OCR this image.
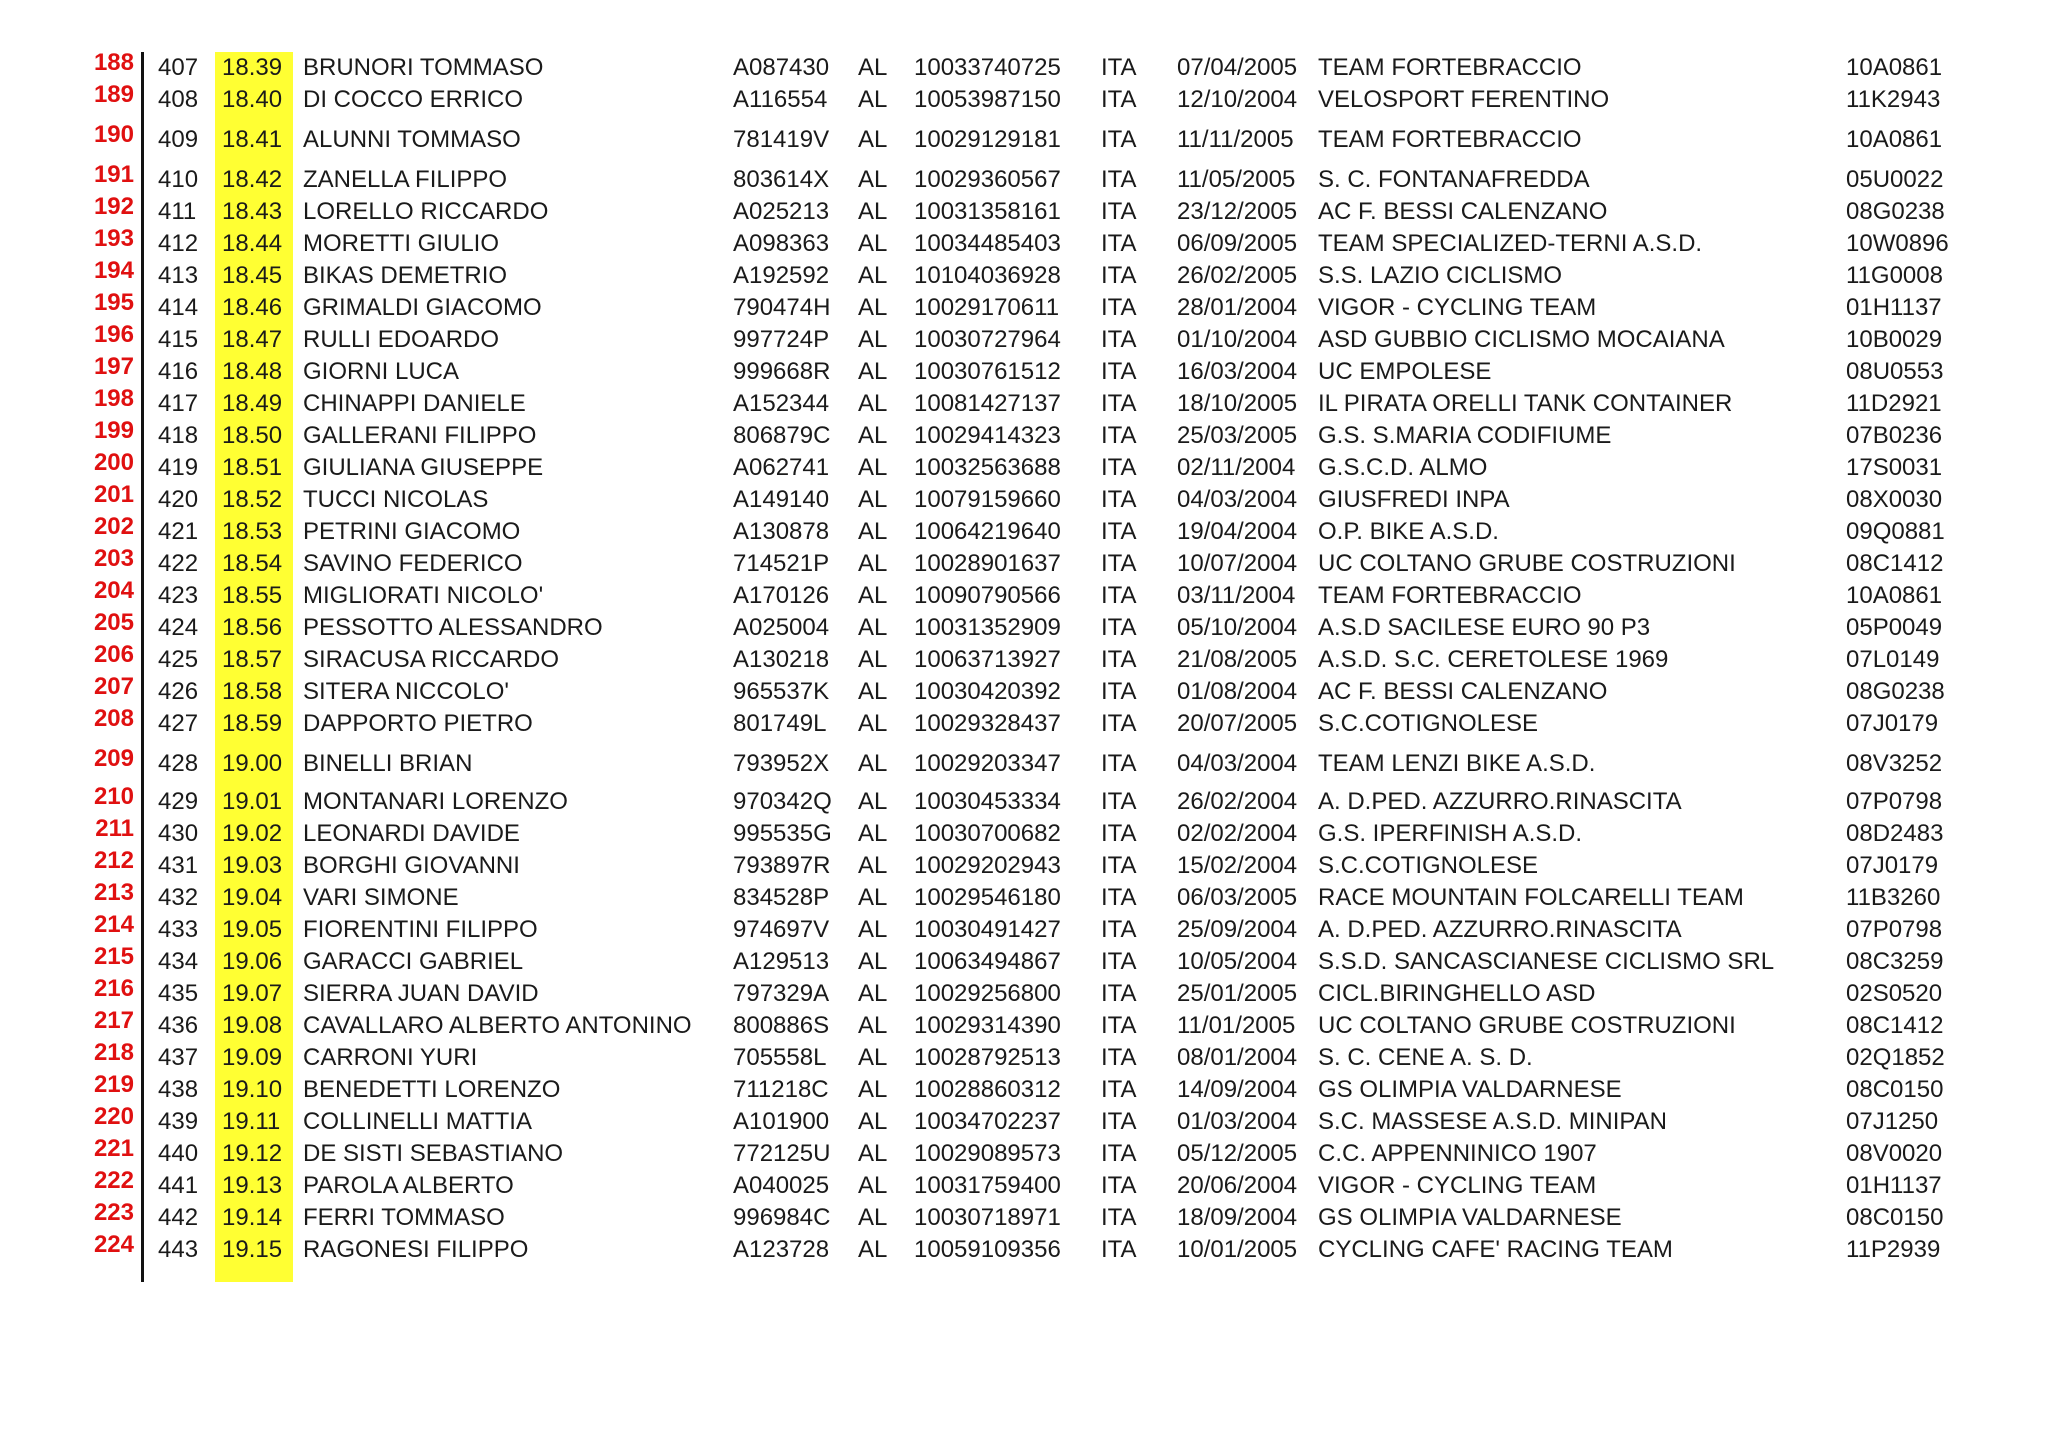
188 407 18.39 BRUNORI TOMMASO	A087430 AL 10033740725 ITA 07/04/2005 TEAM FORTEBRACCIO	10A0861
189 408 18.40 DI COCCO ERRICO	A116554 AL 10053987150 ITA 12/10/2004 VELOSPORT FERENTINO	11K2943
190 409 18.41 ALUNNI TOMMASO	781419V AL 10029129181 ITA 11/11/2005 TEAM FORTEBRACCIO	10A0861
191 410 18.42 ZANELLA FILIPPO	803614X AL 10029360567 ITA 11/05/2005 S. C. FONTANAFREDDA	05U0022
192 411 18.43 LORELLO RICCARDO	A025213 AL 10031358161 ITA 23/12/2005 AC F. BESSI CALENZANO	08G0238
193 412 18.44 MORETTI GIULIO	A098363 AL 10034485403 ITA 06/09/2005 TEAM SPECIALIZED-TERNI A.S.D.	10W0896
194 413 18.45 BIKAS DEMETRIO	A192592 AL 10104036928 ITA 26/02/2005 S.S. LAZIO CICLISMO	11G0008
195 414 18.46 GRIMALDI GIACOMO	790474H AL 10029170611 ITA 28/01/2004 VIGOR - CYCLING TEAM	01H1137
196 415 18.47 RULLI EDOARDO	997724P AL 10030727964 ITA 01/10/2004 ASD GUBBIO CICLISMO MOCAIANA	10B0029
197 416 18.48 GIORNI LUCA	999668R AL 10030761512 ITA 16/03/2004 UC EMPOLESE	08U0553
198 417 18.49 CHINAPPI DANIELE	A152344 AL 10081427137 ITA 18/10/2005 IL PIRATA ORELLI TANK CONTAINER	11D2921
199 418 18.50 GALLERANI FILIPPO	806879C AL 10029414323 ITA 25/03/2005 G.S. S.MARIA CODIFIUME	07B0236
200 419 18.51 GIULIANA GIUSEPPE	A062741 AL 10032563688 ITA 02/11/2004 G.S.C.D. ALMO	17S0031
201 420 18.52 TUCCI NICOLAS	A149140 AL 10079159660 ITA 04/03/2004 GIUSFREDI INPA	08X0030
202 421 18.53 PETRINI GIACOMO	A130878 AL 10064219640 ITA 19/04/2004 O.P. BIKE A.S.D.	09Q0881
203 422 18.54 SAVINO FEDERICO	714521P AL 10028901637 ITA 10/07/2004 UC COLTANO GRUBE COSTRUZIONI	08C1412
204 423 18.55 MIGLIORATI NICOLO'	A170126 AL 10090790566 ITA 03/11/2004 TEAM FORTEBRACCIO	10A0861
205 424 18.56 PESSOTTO ALESSANDRO	A025004 AL 10031352909 ITA 05/10/2004 A.S.D SACILESE EURO 90 P3	05P0049
206 425 18.57 SIRACUSA RICCARDO	A130218 AL 10063713927 ITA 21/08/2005 A.S.D. S.C. CERETOLESE 1969	07L0149
207 426 18.58 SITERA NICCOLO'	965537K AL 10030420392 ITA 01/08/2004 AC F. BESSI CALENZANO	08G0238
208 427 18.59 DAPPORTO PIETRO	801749L AL 10029328437 ITA 20/07/2005 S.C.COTIGNOLESE	07J0179
209 428 19.00 BINELLI BRIAN	793952X AL 10029203347 ITA 04/03/2004 TEAM LENZI BIKE A.S.D.	08V3252
210 429 19.01 MONTANARI LORENZO	970342Q AL 10030453334 ITA 26/02/2004 A. D.PED. AZZURRO.RINASCITA	07P0798
211 430 19.02 LEONARDI DAVIDE	995535G AL 10030700682 ITA 02/02/2004 G.S. IPERFINISH A.S.D.	08D2483
212 431 19.03 BORGHI GIOVANNI	793897R AL 10029202943 ITA 15/02/2004 S.C.COTIGNOLESE	07J0179
213 432 19.04 VARI SIMONE	834528P AL 10029546180 ITA 06/03/2005 RACE MOUNTAIN FOLCARELLI TEAM	11B3260
214 433 19.05 FIORENTINI FILIPPO	974697V AL 10030491427 ITA 25/09/2004 A. D.PED. AZZURRO.RINASCITA	07P0798
215 434 19.06 GARACCI GABRIEL	A129513 AL 10063494867 ITA 10/05/2004 S.S.D. SANCASCIANESE CICLISMO SRL	08C3259
216 435 19.07 SIERRA JUAN DAVID	797329A AL 10029256800 ITA 25/01/2005 CICL.BIRINGHELLO ASD	02S0520
217 436 19.08 CAVALLARO ALBERTO ANTONINO 800886S AL 10029314390 ITA 11/01/2005 UC COLTANO GRUBE COSTRUZIONI	08C1412
218 437 19.09 CARRONI YURI	705558L AL 10028792513 ITA 08/01/2004 S. C. CENE A. S. D.	02Q1852
219 438 19.10 BENEDETTI LORENZO	711218C AL 10028860312 ITA 14/09/2004 GS OLIMPIA VALDARNESE	08C0150
220 439 19.11 COLLINELLI MATTIA	A101900 AL 10034702237 ITA 01/03/2004 S.C. MASSESE A.S.D. MINIPAN	07J1250
221 440 19.12 DE SISTI SEBASTIANO	772125U AL 10029089573 ITA 05/12/2005 C.C. APPENNINICO 1907	08V0020
222 441 19.13 PAROLA ALBERTO	A040025 AL 10031759400 ITA 20/06/2004 VIGOR - CYCLING TEAM	01H1137
223 442 19.14 FERRI TOMMASO	996984C AL 10030718971 ITA 18/09/2004 GS OLIMPIA VALDARNESE	08C0150
224 443 19.15 RAGONESI FILIPPO	A123728 AL 10059109356 ITA 10/01/2005 CYCLING CAFE' RACING TEAM	11P2939
